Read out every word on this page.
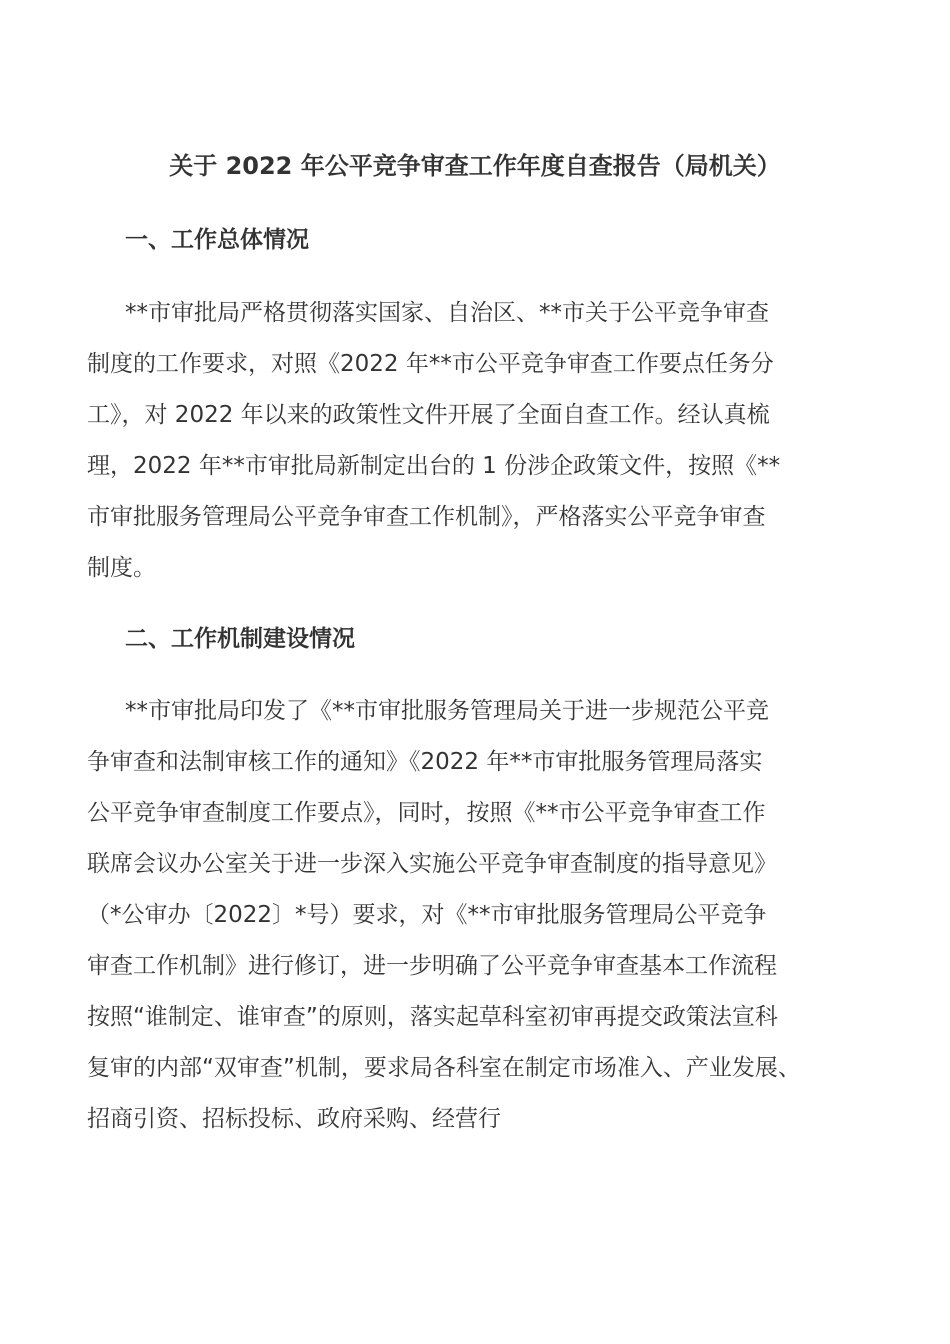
关于 2022 年公平竞争审查工作年度自查报告（局机关）
一、工作总体情况
**市审批局严格贯彻落实国家、自治区、**市关于公平竞争审查
制度的工作要求，对照《2022 年**市公平竞争审查工作要点任务分
工》，对 2022 年以来的政策性文件开展了全面自查工作。经认真梳
理，2022 年**市审批局新制定出台的 1 份涉企政策文件，按照《**
市审批服务管理局公平竞争审查工作机制》，严格落实公平竞争审查
制度。
二、工作机制建设情况
**市审批局印发了《**市审批服务管理局关于进一步规范公平竞
争审查和法制审核工作的通知》《2022 年**市审批服务管理局落实
公平竞争审查制度工作要点》，同时，按照《**市公平竞争审查工作
联席会议办公室关于进一步深入实施公平竞争审查制度的指导意见》
（*公审办〔2022〕*号）要求，对《**市审批服务管理局公平竞争
审查工作机制》进行修订，进一步明确了公平竞争审查基本工作流程
按照“谁制定、谁审查”的原则，落实起草科室初审再提交政策法宣科
复审的内部“双审查”机制，要求局各科室在制定市场准入、产业发展、
招商引资、招标投标、政府采购、经营行
